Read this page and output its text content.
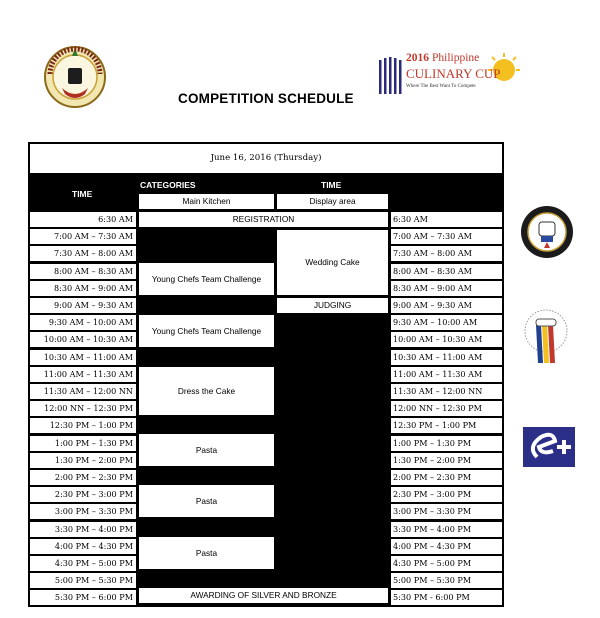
COMPETITION SCHEDULE
2016 Philippine
CULINARY CUP
Where The Best Want To Compete
June 16, 2016 (Thursday)
TIME
CATEGORIES	TIME
Main Kitchen	Display area
6:30 AM
7:00 AM – 7:30 AM
7:30 AM – 8:00 AM
8:00 AM – 8:30 AM
8:30 AM – 9:00 AM
9:00 AM – 9:30 AM
9:30 AM – 10:00 AM
10:00 AM – 10:30 AM
10:30 AM – 11:00 AM
11:00 AM – 11:30 AM
11:30 AM – 12:00 NN
12:00 NN – 12:30 PM
12:30 PM – 1:00 PM
1:00 PM – 1:30 PM
1:30 PM – 2:00 PM
2:00 PM – 2:30 PM
2:30 PM – 3:00 PM
3:00 PM – 3:30 PM
3:30 PM – 4:00 PM
4:00 PM – 4:30 PM
4:30 PM – 5:00 PM
5:00 PM – 5:30 PM
5:30 PM – 6:00 PM
6:30 AM
7:00 AM – 7:30 AM
7:30 AM – 8:00 AM
8:00 AM – 8:30 AM
8:30 AM – 9:00 AM
9:00 AM – 9:30 AM
9:30 AM – 10:00 AM
10:00 AM – 10:30 AM
10:30 AM – 11:00 AM
11:00 AM – 11:30 AM
11:30 AM – 12:00 NN
12:00 NN – 12:30 PM
12:30 PM – 1:00 PM
1:00 PM – 1:30 PM
1:30 PM – 2:00 PM
2:00 PM – 2:30 PM
2:30 PM – 3:00 PM
3:00 PM – 3:30 PM
3:30 PM – 4:00 PM
4:00 PM – 4:30 PM
4:30 PM – 5:00 PM
5:00 PM – 5:30 PM
5:30 PM - 6:00 PM
REGISTRATION
Young Chefs Team Challenge
Wedding Cake
JUDGING
Young Chefs Team Challenge
Dress the Cake
Pasta
Pasta
Pasta
AWARDING OF SILVER AND BRONZE
